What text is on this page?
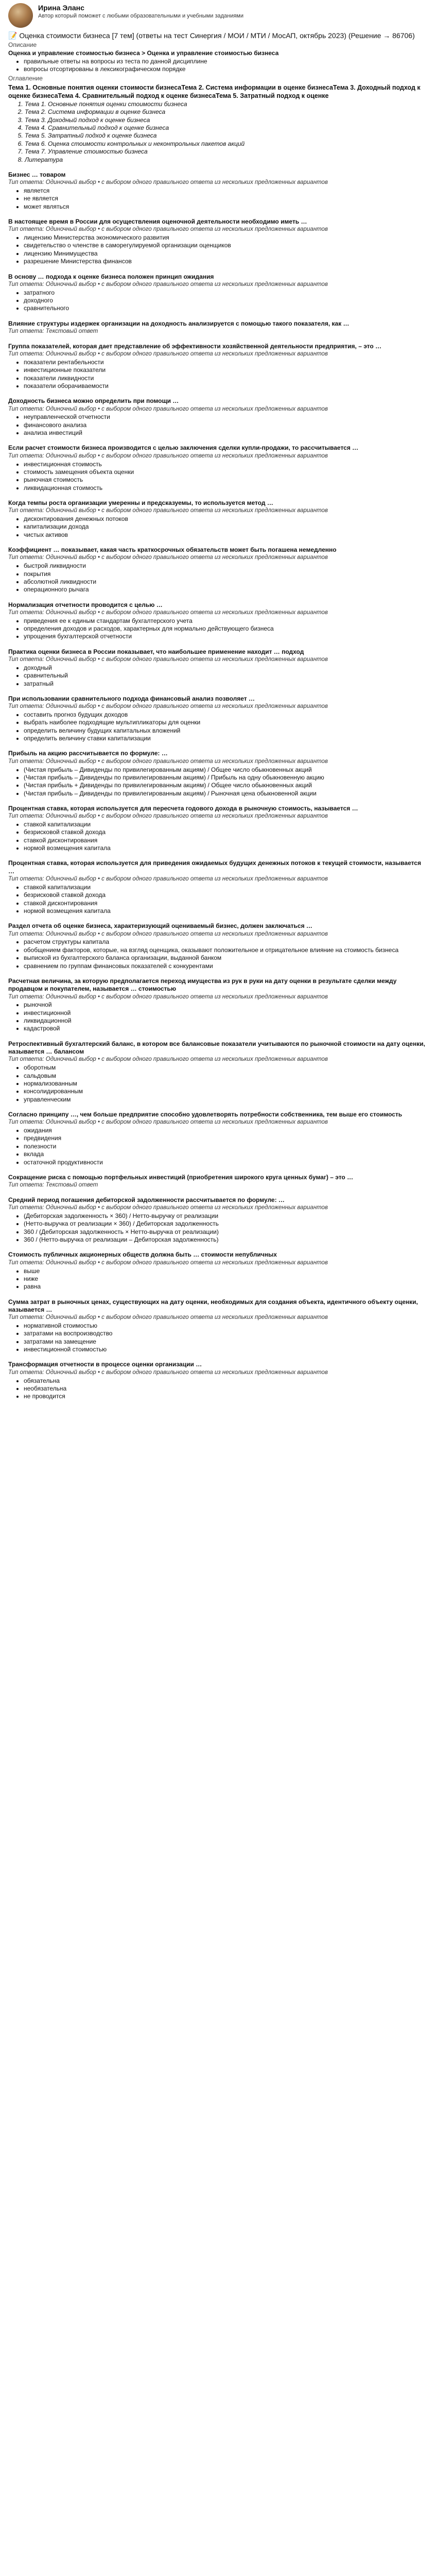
Ирина Эланс
Автор который поможет с любыми образовательными и учебными заданиями
📝 Оценка стоимости бизнеса [7 тем] (ответы на тест Синергия / МОИ / МТИ / МосАП, октябрь 2023) (Решение → 86706)
Описание
Оценка и управление стоимостью бизнеса > Оценка и управление стоимостью бизнеса
• правильные ответы на вопросы из теста по данной дисциплине
• вопросы отсортированы в лексикографическом порядке
Оглавление
Тема 1. Основные понятия оценки стоимости бизнесаТема 2. Система информации в оценке бизнесаТема 3. Доходный подход к оценке бизнесаТема 4. Сравнительный подход к оценке бизнесаТема 5. Затратный подход к оценке
1. Тема 1. Основные понятия оценки стоимости бизнеса
2. Тема 2. Система информации в оценке бизнеса
3. Тема 3. Доходный подход к оценке бизнеса
4. Тема 4. Сравнительный подход к оценке бизнеса
5. Тема 5. Затратный подход к оценке бизнеса
6. Тема 6. Оценка стоимости контрольных и неконтрольных пакетов акций
7. Тема 7. Управление стоимостью бизнеса
8. Литература
Бизнес … товаром
Тип ответа: Одиночный выбор • с выбором одного правильного ответа из нескольких предложенных вариантов
• является
• не является
• может являться
В настоящее время в России для осуществления оценочной деятельности необходимо иметь …
Тип ответа: Одиночный выбор • с выбором одного правильного ответа из нескольких предложенных вариантов
• лицензию Министерства экономического развития
• свидетельство о членстве в саморегулируемой организации оценщиков
• лицензию Минимущества
• разрешение Министерства финансов
В основу … подхода к оценке бизнеса положен принцип ожидания
Тип ответа: Одиночный выбор • с выбором одного правильного ответа из нескольких предложенных вариантов
• затратного
• доходного
• сравнительного
Влияние структуры издержек организации на доходность анализируется с помощью такого показателя, как …
Тип ответа: Текстовый ответ
Группа показателей, которая дает представление об эффективности хозяйственной деятельности предприятия, – это …
Тип ответа: Одиночный выбор • с выбором одного правильного ответа из нескольких предложенных вариантов
• показатели рентабельности
• инвестиционные показатели
• показатели ликвидности
• показатели оборачиваемости
Доходность бизнеса можно определить при помощи …
Тип ответа: Одиночный выбор • с выбором одного правильного ответа из нескольких предложенных вариантов
• неуправленческой отчетности
• финансового анализа
• анализа инвестиций
Если расчет стоимости бизнеса производится с целью заключения сделки купли-продажи, то рассчитывается …
Тип ответа: Одиночный выбор • с выбором одного правильного ответа из нескольких предложенных вариантов
• инвестиционная стоимость
• стоимость замещения объекта оценки
• рыночная стоимость
• ликвидационная стоимость
Когда темпы роста организации умеренны и предсказуемы, то используется метод …
Тип ответа: Одиночный выбор • с выбором одного правильного ответа из нескольких предложенных вариантов
• дисконтирования денежных потоков
• капитализации дохода
• чистых активов
Коэффициент … показывает, какая часть краткосрочных обязательств может быть погашена немедленно
Тип ответа: Одиночный выбор • с выбором одного правильного ответа из нескольких предложенных вариантов
• быстрой ликвидности
• покрытия
• абсолютной ликвидности
• операционного рычага
Нормализация отчетности проводится с целью …
Тип ответа: Одиночный выбор • с выбором одного правильного ответа из нескольких предложенных вариантов
• приведения ее к единым стандартам бухгалтерского учета
• определения доходов и расходов, характерных для нормально действующего бизнеса
• упрощения бухгалтерской отчетности
Практика оценки бизнеса в России показывает, что наибольшее применение находит … подход
Тип ответа: Одиночный выбор • с выбором одного правильного ответа из нескольких предложенных вариантов
• доходный
• сравнительный
• затратный
При использовании сравнительного подхода финансовый анализ позволяет …
Тип ответа: Одиночный выбор • с выбором одного правильного ответа из нескольких предложенных вариантов
• составить прогноз будущих доходов
• выбрать наиболее подходящие мультипликаторы для оценки
• определить величину будущих капитальных вложений
• определить величину ставки капитализации
Прибыль на акцию рассчитывается по формуле: …
Тип ответа: Одиночный выбор • с выбором одного правильного ответа из нескольких предложенных вариантов
• (Чистая прибыль – Дивиденды по привилегированным акциям) / Общее число обыкновенных акций
• (Чистая прибыль – Дивиденды по привилегированным акциям) / Прибыль на одну обыкновенную акцию
• (Чистая прибыль + Дивиденды по привилегированным акциям) / Общее число обыкновенных акций
• (Чистая прибыль – Дивиденды по привилегированным акциям) / Рыночная цена обыкновенной акции
Процентная ставка, которая используется для пересчета годового дохода в рыночную стоимость, называется …
Тип ответа: Одиночный выбор • с выбором одного правильного ответа из нескольких предложенных вариантов
• ставкой капитализации
• безрисковой ставкой дохода
• ставкой дисконтирования
• нормой возмещения капитала
Процентная ставка, которая используется для приведения ожидаемых будущих денежных потоков к текущей стоимости, называется …
Тип ответа: Одиночный выбор • с выбором одного правильного ответа из нескольких предложенных вариантов
• ставкой капитализации
• безрисковой ставкой дохода
• ставкой дисконтирования
• нормой возмещения капитала
Раздел отчета об оценке бизнеса, характеризующий оцениваемый бизнес, должен заключаться …
Тип ответа: Одиночный выбор • с выбором одного правильного ответа из нескольких предложенных вариантов
• расчетом структуры капитала
• обобщением факторов, которые, на взгляд оценщика, оказывают положительное и отрицательное влияние на стоимость бизнеса
• выпиской из бухгалтерского баланса организации, выданной банком
• сравнением по группам финансовых показателей с конкурентами
Расчетная величина, за которую предполагается переход имущества из рук в руки на дату оценки в результате сделки между продавцом и покупателем, называется … стоимостью
Тип ответа: Одиночный выбор • с выбором одного правильного ответа из нескольких предложенных вариантов
• рыночной
• инвестиционной
• ликвидационной
• кадастровой
Ретроспективный бухгалтерский баланс, в котором все балансовые показатели учитываются по рыночной стоимости на дату оценки, называется … балансом
Тип ответа: Одиночный выбор • с выбором одного правильного ответа из нескольких предложенных вариантов
• оборотным
• сальдовым
• нормализованным
• консолидированным
• управленческим
Согласно принципу …, чем больше предприятие способно удовлетворять потребности собственника, тем выше его стоимость
Тип ответа: Одиночный выбор • с выбором одного правильного ответа из нескольких предложенных вариантов
• ожидания
• предвидения
• полезности
• вклада
• остаточной продуктивности
Сокращение риска с помощью портфельных инвестиций (приобретения широкого круга ценных бумаг) – это …
Тип ответа: Текстовый ответ
Средний период погашения дебиторской задолженности рассчитывается по формуле: …
Тип ответа: Одиночный выбор • с выбором одного правильного ответа из нескольких предложенных вариантов
• (Дебиторская задолженность × 360) / Нетто-выручку от реализации
• (Нетто-выручка от реализации × 360) / Дебиторская задолженность
• 360 / (Дебиторская задолженность × Нетто-выручка от реализации)
• 360 / (Нетто-выручка от реализации – Дебиторская задолженность)
Стоимость публичных акционерных обществ должна быть … стоимости непубличных
Тип ответа: Одиночный выбор • с выбором одного правильного ответа из нескольких предложенных вариантов
• выше
• ниже
• равна
Сумма затрат в рыночных ценах, существующих на дату оценки, необходимых для создания объекта, идентичного объекту оценки, называется …
Тип ответа: Одиночный выбор • с выбором одного правильного ответа из нескольких предложенных вариантов
• нормативной стоимостью
• затратами на воспроизводство
• затратами на замещение
• инвестиционной стоимостью
Трансформация отчетности в процессе оценки организации …
Тип ответа: Одиночный выбор • с выбором одного правильного ответа из нескольких предложенных вариантов
• обязательна
• необязательна
• не проводится
